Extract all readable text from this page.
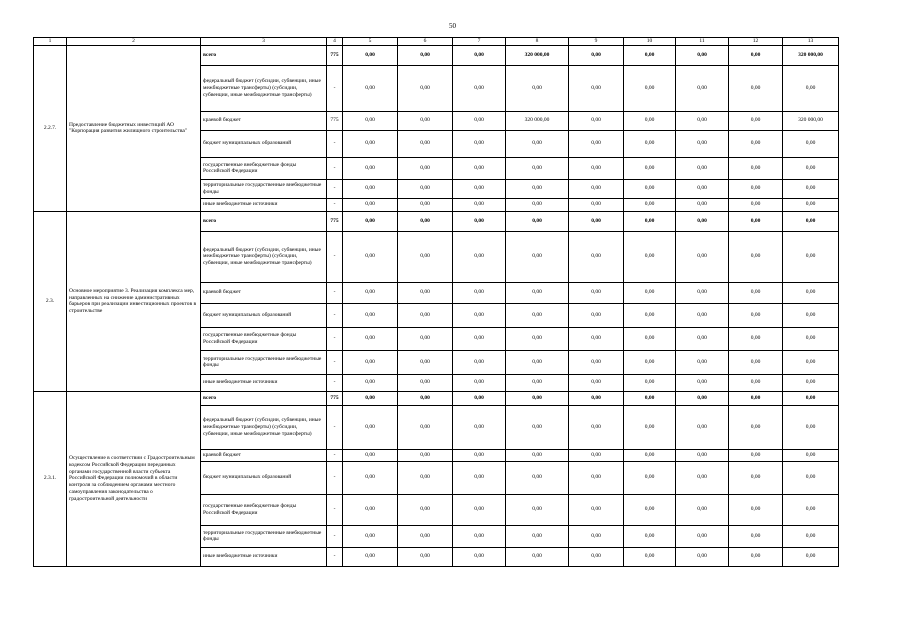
50
1	2	3	4	5	6	7	8	9	10	11	12	13
2.2.7.	Предоставление бюджетных инвестиций АО "Корпорация развития жилищного строительства"	всего	775	0,00	0,00	0,00	320 000,00	0,00	0,00	0,00	0,00	320 000,00
		федеральный бюджет (субсидии, субвенции, иные межбюджетные трансферты) (субсидии, субвенции, иные межбюджетные трансферты)	-	0,00	0,00	0,00	0,00	0,00	0,00	0,00	0,00	0,00
		краевой бюджет	775	0,00	0,00	0,00	320 000,00	0,00	0,00	0,00	0,00	320 000,00
		бюджет муниципальных образований	-	0,00	0,00	0,00	0,00	0,00	0,00	0,00	0,00	0,00
		государственные внебюджетные фонды Российской Федерации	-	0,00	0,00	0,00	0,00	0,00	0,00	0,00	0,00	0,00
		территориальные государственные внебюджетные фонды	-	0,00	0,00	0,00	0,00	0,00	0,00	0,00	0,00	0,00
		иные внебюджетные источники	-	0,00	0,00	0,00	0,00	0,00	0,00	0,00	0,00	0,00
2.3.	Основное мероприятие 3. Реализация комплекса мер, направленных на снижение административных барьеров при реализации инвестиционных проектов в строительстве	всего	775	0,00	0,00	0,00	0,00	0,00	0,00	0,00	0,00	0,00
		федеральный бюджет (субсидии, субвенции, иные межбюджетные трансферты) (субсидии, субвенции, иные межбюджетные трансферты)	-	0,00	0,00	0,00	0,00	0,00	0,00	0,00	0,00	0,00
		краевой бюджет	-	0,00	0,00	0,00	0,00	0,00	0,00	0,00	0,00	0,00
		бюджет муниципальных образований	-	0,00	0,00	0,00	0,00	0,00	0,00	0,00	0,00	0,00
		государственные внебюджетные фонды Российской Федерации	-	0,00	0,00	0,00	0,00	0,00	0,00	0,00	0,00	0,00
		территориальные государственные внебюджетные фонды	-	0,00	0,00	0,00	0,00	0,00	0,00	0,00	0,00	0,00
		иные внебюджетные источники	-	0,00	0,00	0,00	0,00	0,00	0,00	0,00	0,00	0,00
2.3.1.	Осуществление в соответствии с Градостроительным кодексом Российской Федерации переданных органами государственной власти субъекта Российской Федерации полномочий в области контроля за соблюдением органами местного самоуправления законодательства о градостроительной деятельности	всего	775	0,00	0,00	0,00	0,00	0,00	0,00	0,00	0,00	0,00
		федеральный бюджет (субсидии, субвенции, иные межбюджетные трансферты) (субсидии, субвенции, иные межбюджетные трансферты)	-	0,00	0,00	0,00	0,00	0,00	0,00	0,00	0,00	0,00
		краевой бюджет	-	0,00	0,00	0,00	0,00	0,00	0,00	0,00	0,00	0,00
		бюджет муниципальных образований	-	0,00	0,00	0,00	0,00	0,00	0,00	0,00	0,00	0,00
		государственные внебюджетные фонды Российской Федерации	-	0,00	0,00	0,00	0,00	0,00	0,00	0,00	0,00	0,00
		территориальные государственные внебюджетные фонды	-	0,00	0,00	0,00	0,00	0,00	0,00	0,00	0,00	0,00
		иные внебюджетные источники	-	0,00	0,00	0,00	0,00	0,00	0,00	0,00	0,00	0,00
